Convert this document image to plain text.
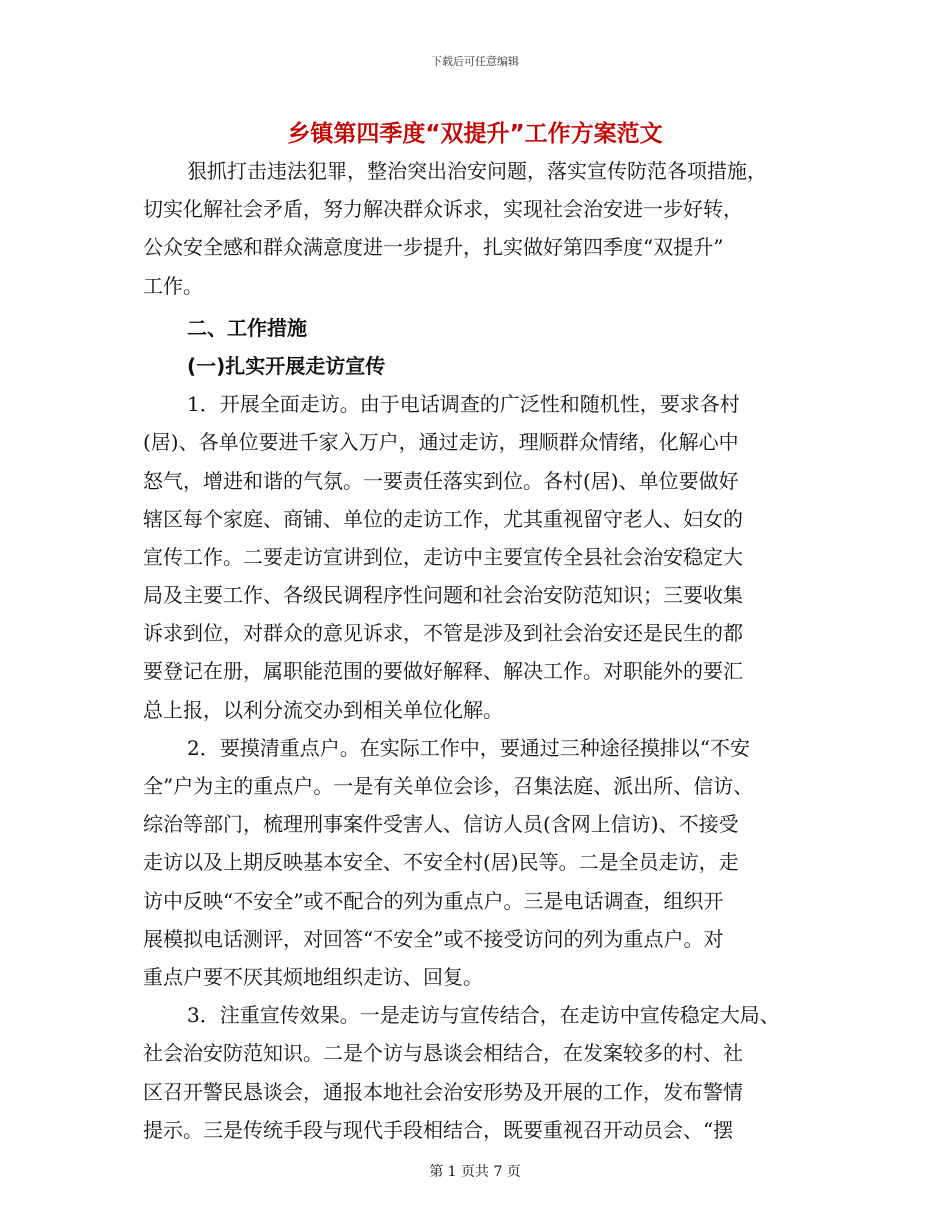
下载后可任意编辑
乡镇第四季度“双提升”工作方案范文
狠抓打击违法犯罪，整治突出治安问题，落实宣传防范各项措施，
切实化解社会矛盾，努力解决群众诉求，实现社会治安进一步好转，
公众安全感和群众满意度进一步提升，扎实做好第四季度“双提升”
工作。
二、工作措施
(一)扎实开展走访宣传
1．开展全面走访。由于电话调查的广泛性和随机性，要求各村
(居)、各单位要进千家入万户，通过走访，理顺群众情绪，化解心中
怒气，增进和谐的气氛。一要责任落实到位。各村(居)、单位要做好
辖区每个家庭、商铺、单位的走访工作，尤其重视留守老人、妇女的
宣传工作。二要走访宣讲到位，走访中主要宣传全县社会治安稳定大
局及主要工作、各级民调程序性问题和社会治安防范知识；三要收集
诉求到位，对群众的意见诉求，不管是涉及到社会治安还是民生的都
要登记在册，属职能范围的要做好解释、解决工作。对职能外的要汇
总上报，以利分流交办到相关单位化解。
2．要摸清重点户。在实际工作中，要通过三种途径摸排以“不安
全”户为主的重点户。一是有关单位会诊，召集法庭、派出所、信访、
综治等部门，梳理刑事案件受害人、信访人员(含网上信访)、不接受
走访以及上期反映基本安全、不安全村(居)民等。二是全员走访，走
访中反映“不安全”或不配合的列为重点户。三是电话调查，组织开
展模拟电话测评，对回答“不安全”或不接受访问的列为重点户。对
重点户要不厌其烦地组织走访、回复。
3．注重宣传效果。一是走访与宣传结合，在走访中宣传稳定大局、
社会治安防范知识。二是个访与恳谈会相结合，在发案较多的村、社
区召开警民恳谈会，通报本地社会治安形势及开展的工作，发布警情
提示。三是传统手段与现代手段相结合，既要重视召开动员会、“摆
第 1 页共 7 页
